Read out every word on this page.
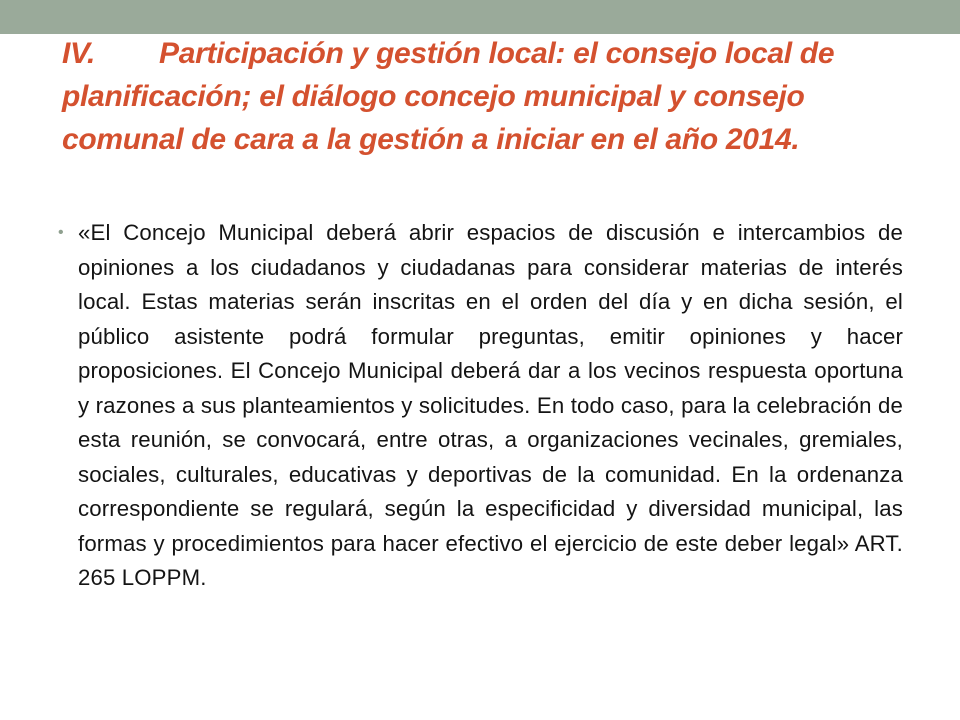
IV. Participación y gestión local: el consejo local de planificación; el diálogo concejo municipal y consejo comunal de cara a la gestión a iniciar en el año 2014.
• «El Concejo Municipal deberá abrir espacios de discusión e intercambios de opiniones a los ciudadanos y ciudadanas para considerar materias de interés local. Estas materias serán inscritas en el orden del día y en dicha sesión, el público asistente podrá formular preguntas, emitir opiniones y hacer proposiciones. El Concejo Municipal deberá dar a los vecinos respuesta oportuna y razones a sus planteamientos y solicitudes. En todo caso, para la celebración de esta reunión, se convocará, entre otras, a organizaciones vecinales, gremiales, sociales, culturales, educativas y deportivas de la comunidad. En la ordenanza correspondiente se regulará, según la especificidad y diversidad municipal, las formas y procedimientos para hacer efectivo el ejercicio de este deber legal» ART. 265 LOPPM.
